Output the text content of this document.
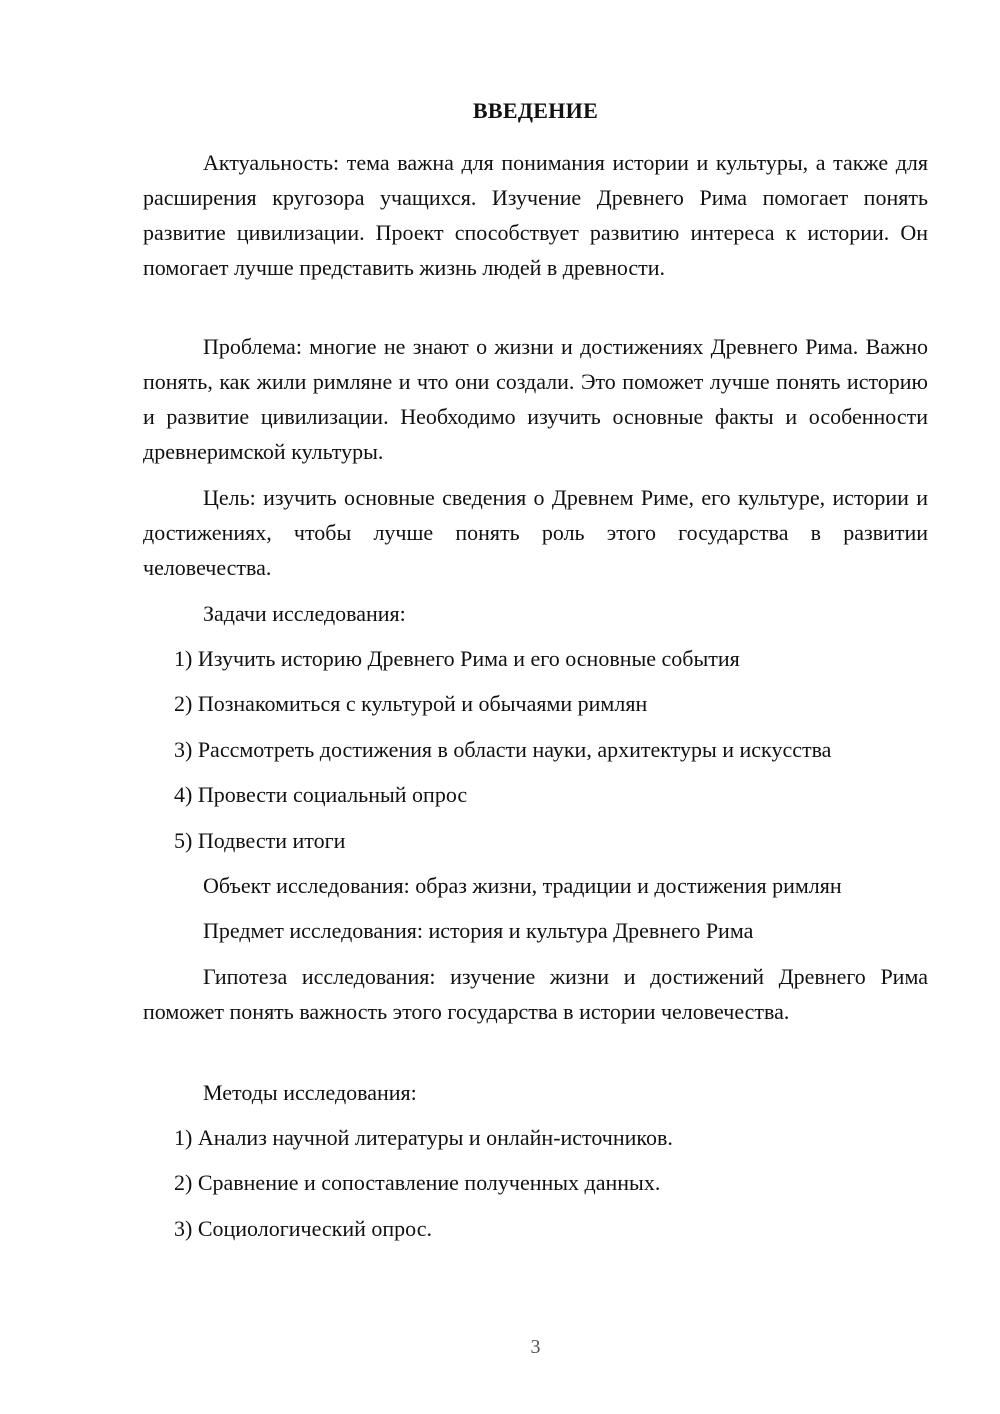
ВВЕДЕНИЕ

Актуальность: тема важна для понимания истории и культуры, а также для расширения кругозора учащихся. Изучение Древнего Рима помогает понять развитие цивилизации. Проект способствует развитию интереса к истории. Он помогает лучше представить жизнь людей в древности.

Проблема: многие не знают о жизни и достижениях Древнего Рима. Важно понять, как жили римляне и что они создали. Это поможет лучше понять историю и развитие цивилизации. Необходимо изучить основные факты и особенности древнеримской культуры.

Цель: изучить основные сведения о Древнем Риме, его культуре, истории и достижениях, чтобы лучше понять роль этого государства в развитии человечества.

Задачи исследования:
1) Изучить историю Древнего Рима и его основные события
2) Познакомиться с культурой и обычаями римлян
3) Рассмотреть достижения в области науки, архитектуры и искусства
4) Провести социальный опрос
5) Подвести итоги
Объект исследования: образ жизни, традиции и достижения римлян
Предмет исследования: история и культура Древнего Рима

Гипотеза исследования: изучение жизни и достижений Древнего Рима поможет понять важность этого государства в истории человечества.

Методы исследования:
1) Анализ научной литературы и онлайн-источников.
2) Сравнение и сопоставление полученных данных.
3) Социологический опрос.
3
